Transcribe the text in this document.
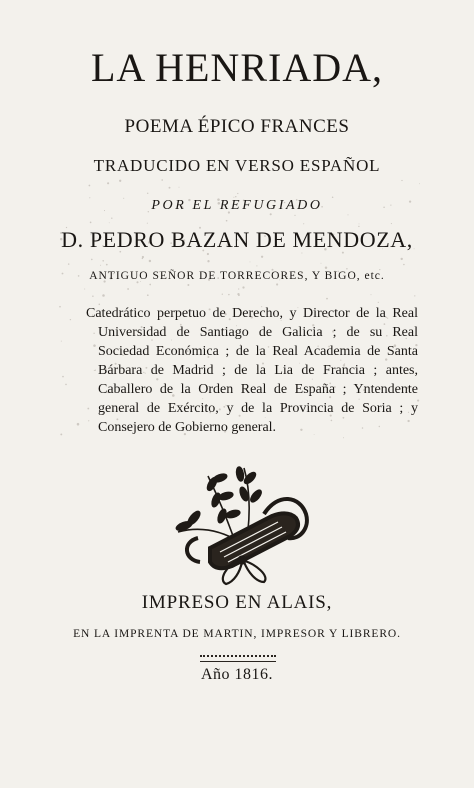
LA HENRIADA,
POEMA ÉPICO FRANCES
TRADUCIDO EN VERSO ESPAÑOL
POR EL REFUGIADO
D. PEDRO BAZAN DE MENDOZA,
ANTIGUO SEÑOR DE TORRECORES, Y BIGO, etc.

Catedrático perpetuo de Derecho, y Director de la Real Universidad de Santiago de Galicia ; de su Real Sociedad Económica ; de la Real Academia de Santa Bárbara de Madrid ; de la Lia de Francia ; antes, Caballero de la Orden Real de España ; Yntendente general de Exército, y de la Provincia de Soria ; y Consejero de Gobierno general.

IMPRESO EN ALAIS,
EN LA IMPRENTA DE MARTIN, IMPRESOR Y LIBRERO.
Año 1816.
